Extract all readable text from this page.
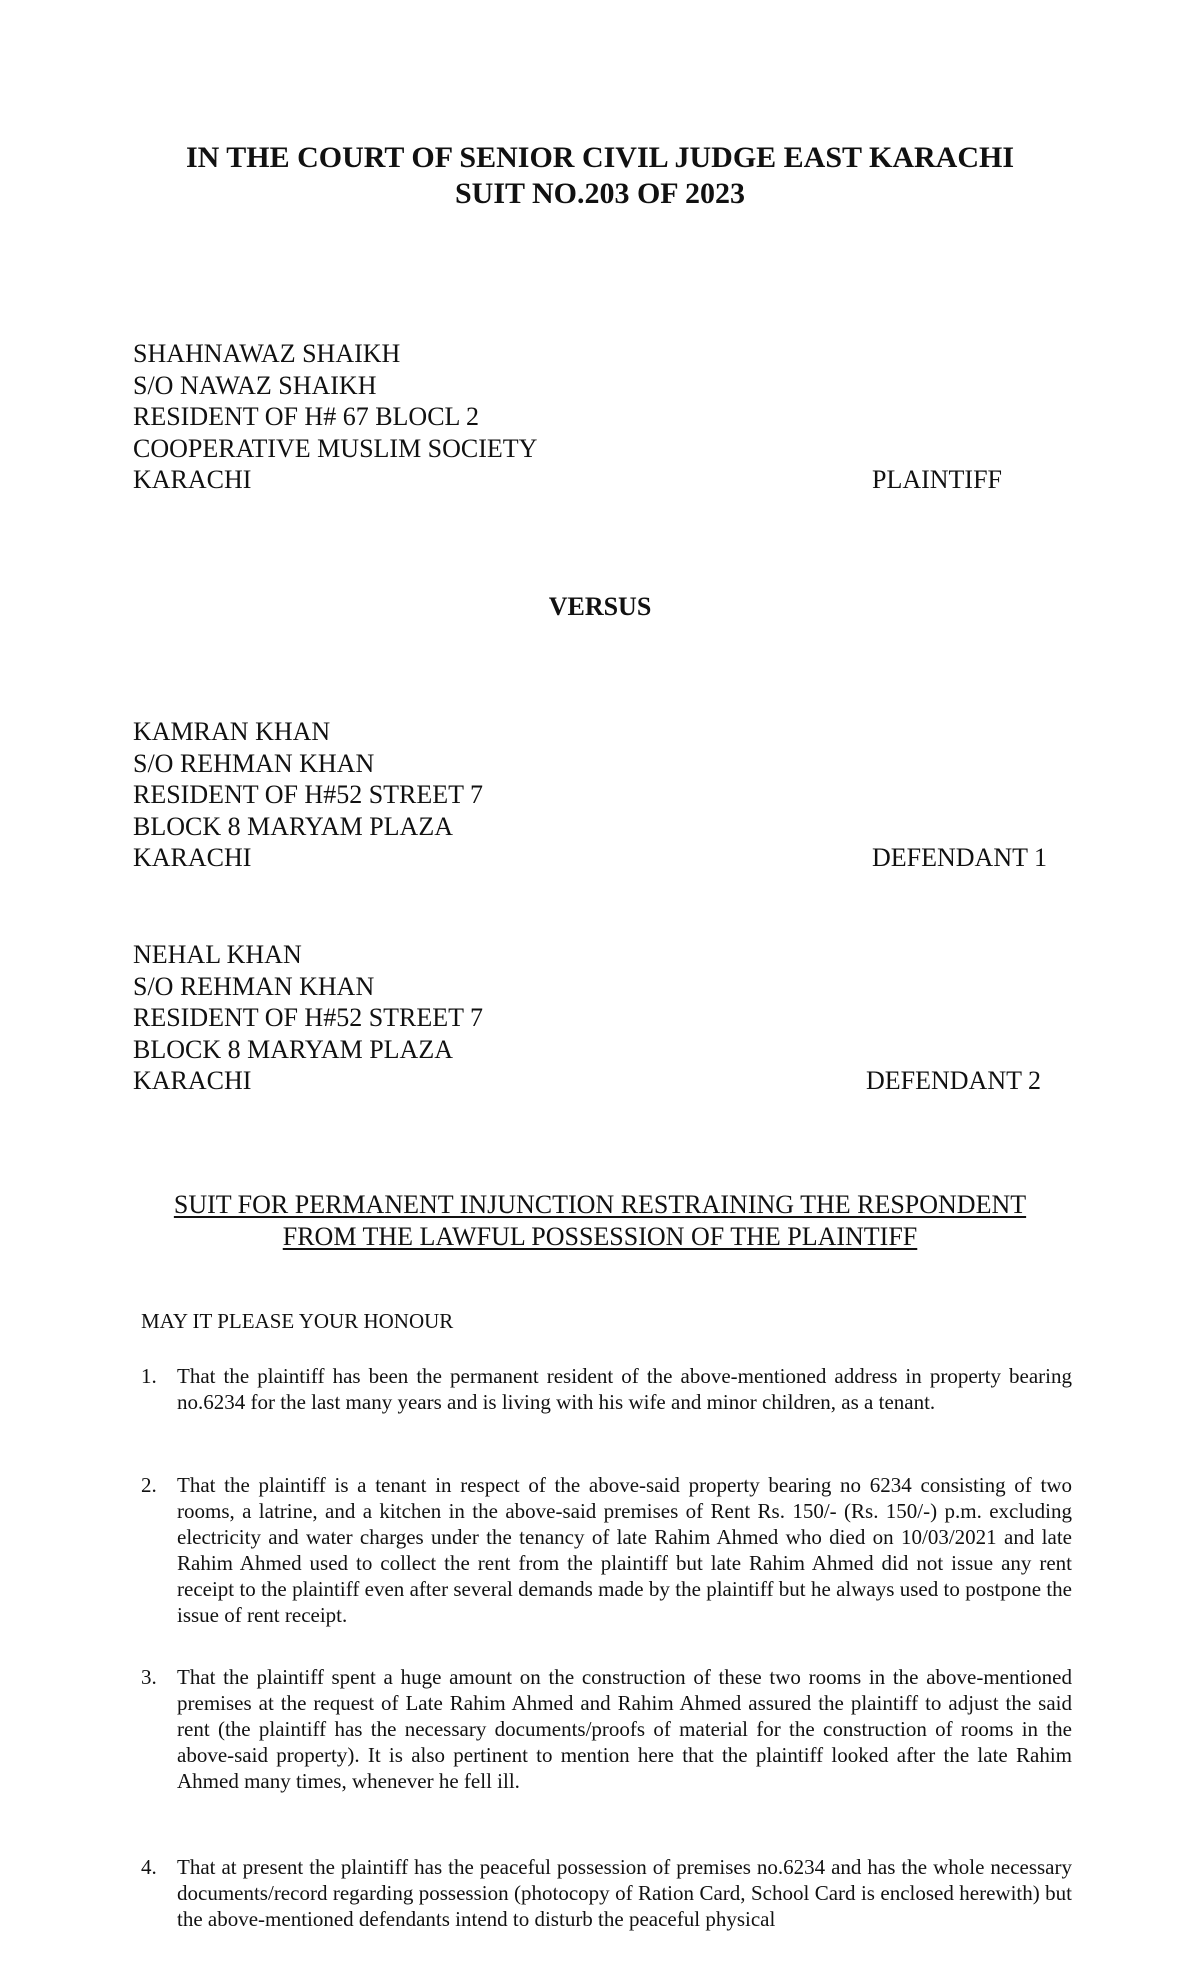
IN THE COURT OF SENIOR CIVIL JUDGE EAST KARACHI
SUIT NO.203 OF 2023
SHAHNAWAZ SHAIKH
S/O NAWAZ SHAIKH
RESIDENT OF H# 67 BLOCL 2
COOPERATIVE MUSLIM SOCIETY
KARACHI	PLAINTIFF
VERSUS
KAMRAN KHAN
S/O REHMAN KHAN
RESIDENT OF H#52 STREET 7
BLOCK 8 MARYAM PLAZA
KARACHI	DEFENDANT 1
NEHAL KHAN
S/O REHMAN KHAN
RESIDENT OF H#52 STREET 7
BLOCK 8 MARYAM PLAZA
KARACHI	DEFENDANT 2
SUIT FOR PERMANENT INJUNCTION RESTRAINING THE RESPONDENT
FROM THE LAWFUL POSSESSION OF THE PLAINTIFF
MAY IT PLEASE YOUR HONOUR
1. That the plaintiff has been the permanent resident of the above-mentioned address in property bearing no.6234 for the last many years and is living with his wife and minor children, as a tenant.
2. That the plaintiff is a tenant in respect of the above-said property bearing no 6234 consisting of two rooms, a latrine, and a kitchen in the above-said premises of Rent Rs. 150/- (Rs. 150/-) p.m. excluding electricity and water charges under the tenancy of late Rahim Ahmed who died on 10/03/2021 and late Rahim Ahmed used to collect the rent from the plaintiff but late Rahim Ahmed did not issue any rent receipt to the plaintiff even after several demands made by the plaintiff but he always used to postpone the issue of rent receipt.
3. That the plaintiff spent a huge amount on the construction of these two rooms in the above-mentioned premises at the request of Late Rahim Ahmed and Rahim Ahmed assured the plaintiff to adjust the said rent (the plaintiff has the necessary documents/proofs of material for the construction of rooms in the above-said property). It is also pertinent to mention here that the plaintiff looked after the late Rahim Ahmed many times, whenever he fell ill.
4. That at present the plaintiff has the peaceful possession of premises no.6234 and has the whole necessary documents/record regarding possession (photocopy of Ration Card, School Card is enclosed herewith) but the above-mentioned defendants intend to disturb the peaceful physical
